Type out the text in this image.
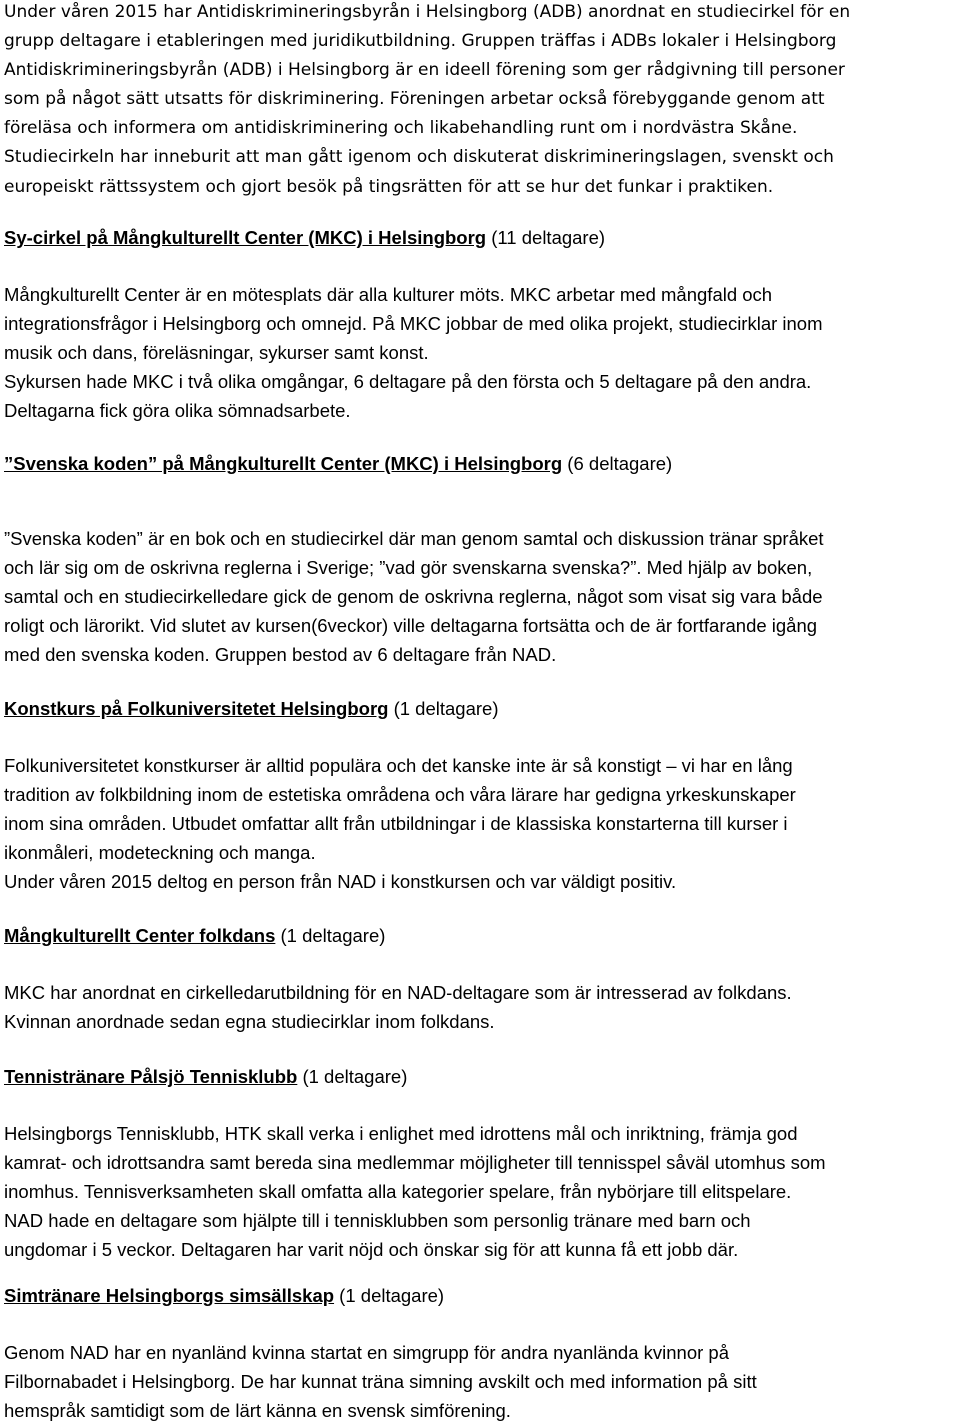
Under våren 2015 har Antidiskrimineringsbyrån i Helsingborg (ADB) anordnat en studiecirkel för en
grupp deltagare i etableringen med juridikutbildning. Gruppen träffas i ADBs lokaler i Helsingborg
Antidiskrimineringsbyrån (ADB) i Helsingborg är en ideell förening som ger rådgivning till personer
som på något sätt utsatts för diskriminering. Föreningen arbetar också förebyggande genom att
föreläsa och informera om antidiskriminering och likabehandling runt om i nordvästra Skåne.
Studiecirkeln har inneburit att man gått igenom och diskuterat diskrimineringslagen, svenskt och
europeiskt rättssystem och gjort besök på tingsrätten för att se hur det funkar i praktiken.
Sy-cirkel på Mångkulturellt Center (MKC) i Helsingborg (11 deltagare)
Mångkulturellt Center är en mötesplats där alla kulturer möts. MKC arbetar med mångfald och
integrationsfrågor i Helsingborg och omnejd. På MKC jobbar de med olika projekt, studiecirklar inom
musik och dans, föreläsningar, sykurser samt konst.
Sykursen hade MKC i två olika omgångar, 6 deltagare på den första och 5 deltagare på den andra.
Deltagarna fick göra olika sömnadsarbete.
”Svenska koden” på Mångkulturellt Center (MKC) i Helsingborg (6 deltagare)
”Svenska koden” är en bok och en studiecirkel där man genom samtal och diskussion tränar språket
och lär sig om de oskrivna reglerna i Sverige; ”vad gör svenskarna svenska?”. Med hjälp av boken,
samtal och en studiecirkelledare gick de genom de oskrivna reglerna, något som visat sig vara både
roligt och lärorikt. Vid slutet av kursen(6veckor) ville deltagarna fortsätta och de är fortfarande igång
med den svenska koden. Gruppen bestod av 6 deltagare från NAD.
Konstkurs på Folkuniversitetet Helsingborg (1 deltagare)
Folkuniversitetet konstkurser är alltid populära och det kanske inte är så konstigt – vi har en lång
tradition av folkbildning inom de estetiska områdena och våra lärare har gedigna yrkeskunskaper
inom sina områden. Utbudet omfattar allt från utbildningar i de klassiska konstarterna till kurser i
ikonmåleri, modeteckning och manga.
Under våren 2015 deltog en person från NAD i konstkursen och var väldigt positiv.
Mångkulturellt Center folkdans (1 deltagare)
MKC har anordnat en cirkelledarutbildning för en NAD-deltagare som är intresserad av folkdans.
Kvinnan anordnade sedan egna studiecirklar inom folkdans.
Tennistränare Pålsjö Tennisklubb (1 deltagare)
Helsingborgs Tennisklubb, HTK skall verka i enlighet med idrottens mål och inriktning, främja god
kamrat- och idrottsandra samt bereda sina medlemmar möjligheter till tennisspel såväl utomhus som
inomhus. Tennisverksamheten skall omfatta alla kategorier spelare, från nybörjare till elitspelare.
NAD hade en deltagare som hjälpte till i tennisklubben som personlig tränare med barn och
ungdomar i 5 veckor. Deltagaren har varit nöjd och önskar sig för att kunna få ett jobb där.
Simtränare Helsingborgs simsällskap (1 deltagare)
Genom NAD har en nyanländ kvinna startat en simgrupp för andra nyanländа kvinnor på
Filbornabadet i Helsingborg. De har kunnat träna simning avskilt och med information på sitt
hemspråk samtidigt som de lärt känna en svensk simförening.
